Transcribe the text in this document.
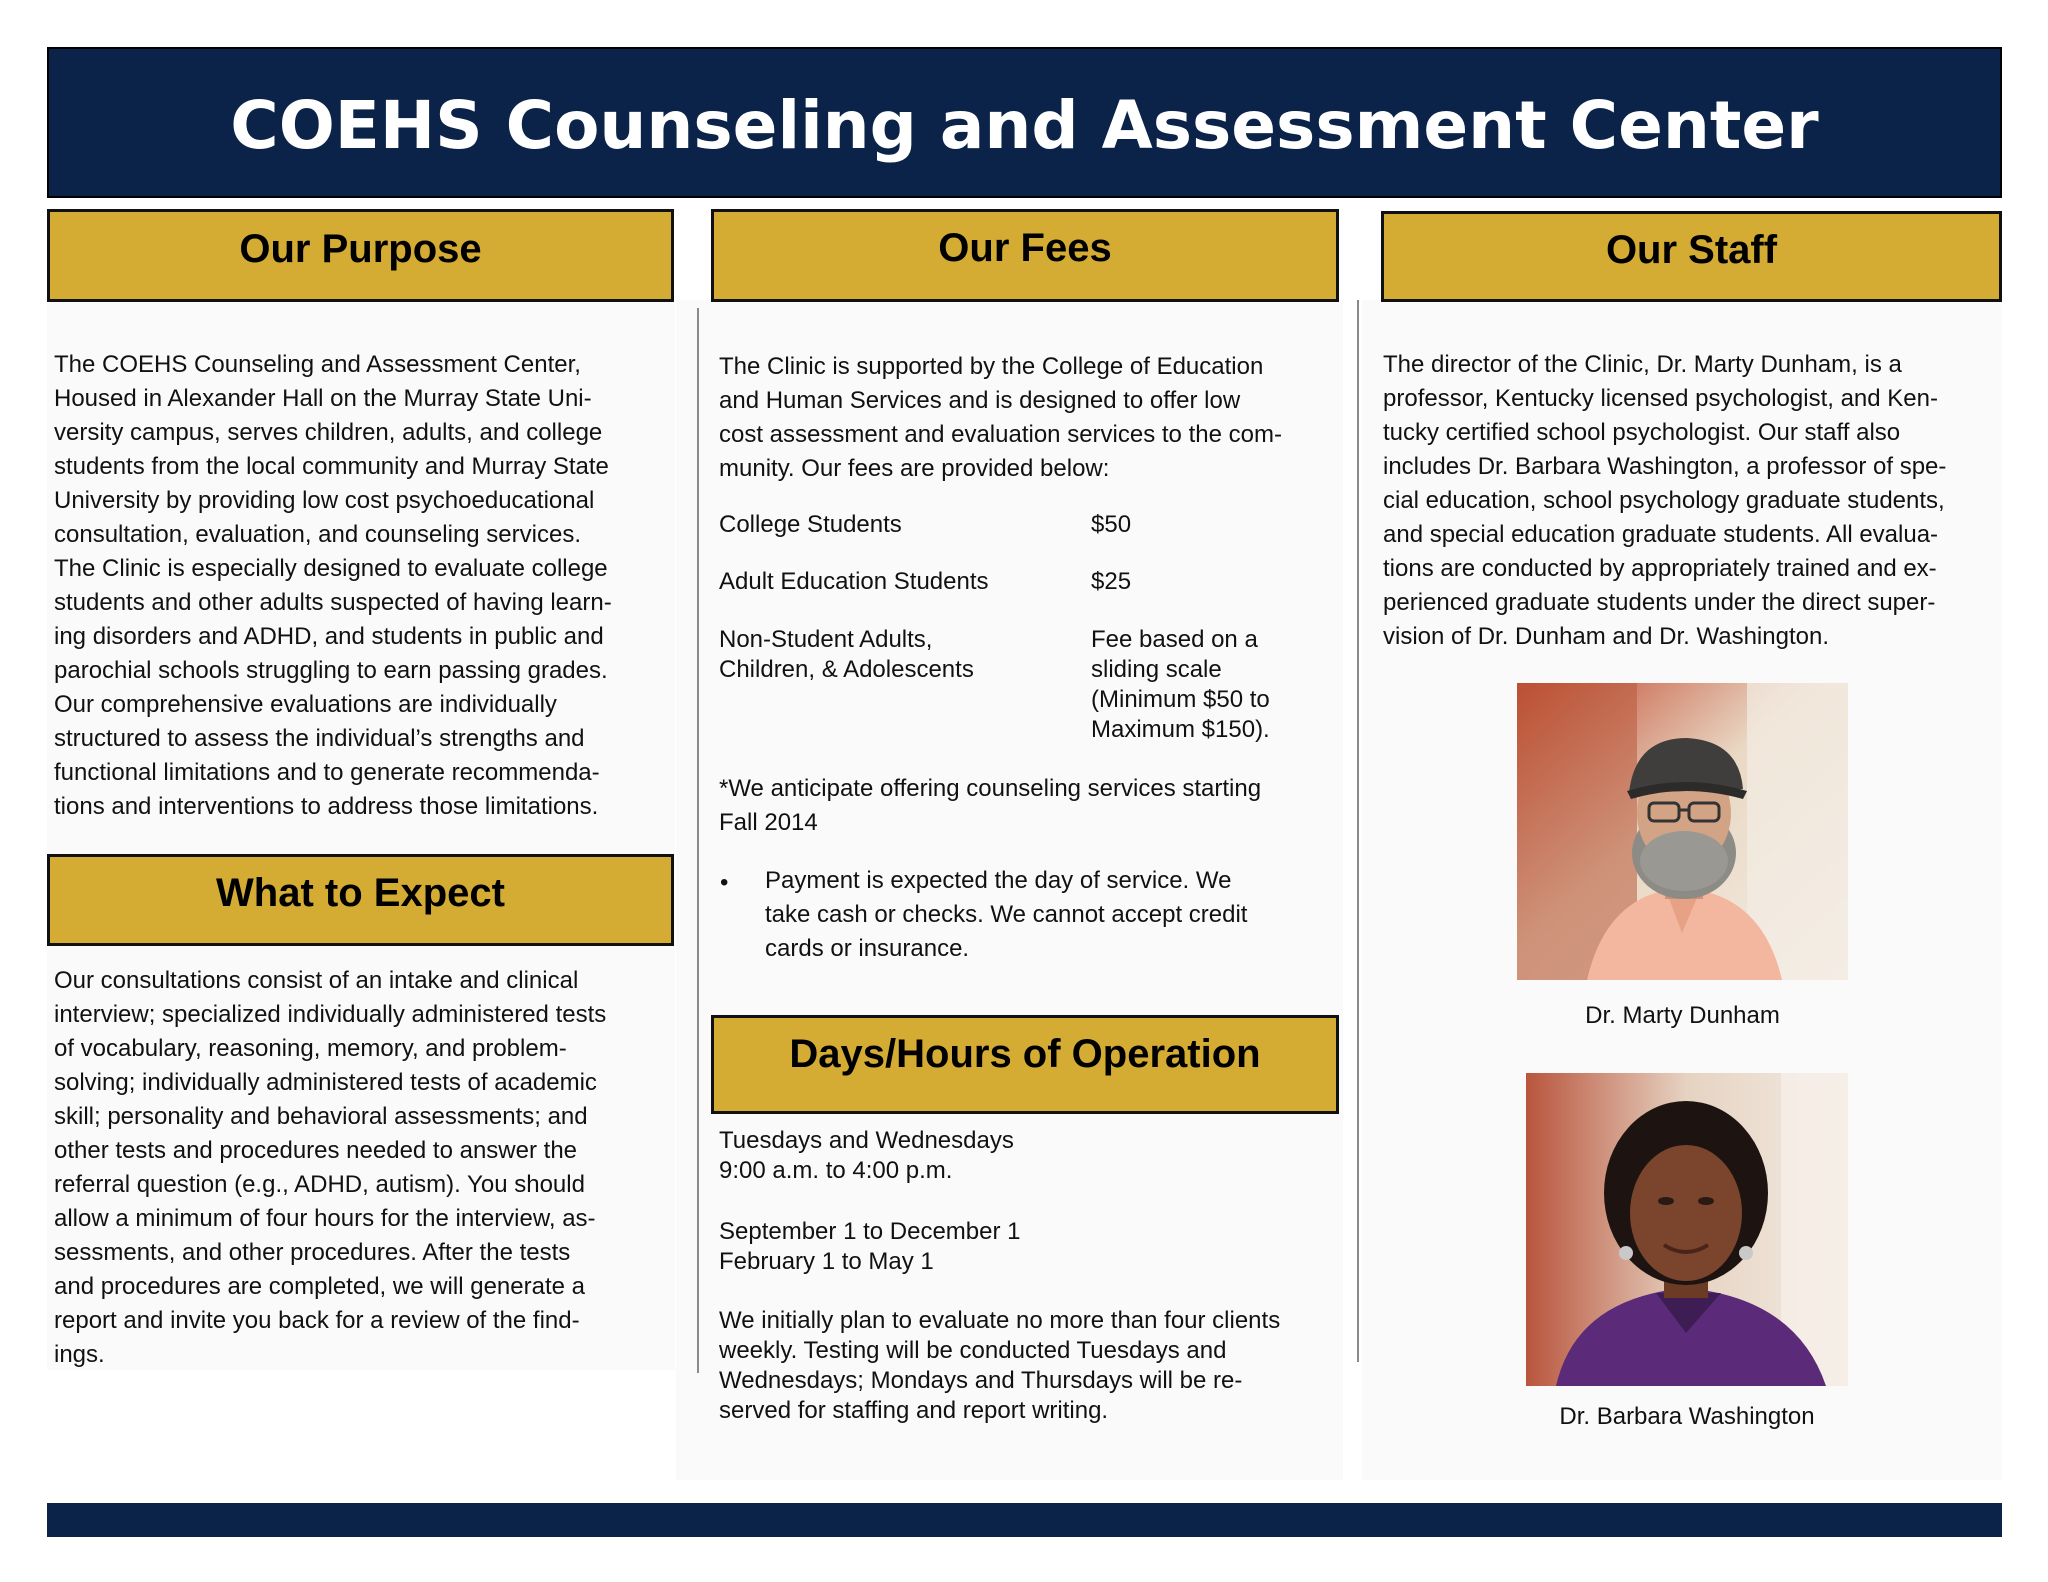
COEHS Counseling and Assessment Center
Our Purpose
The COEHS Counseling and Assessment Center,
Housed in Alexander Hall on the Murray State Uni-
versity campus, serves children, adults, and college
students from the local community and Murray State
University by providing low cost psychoeducational
consultation, evaluation, and counseling services.
The Clinic is especially designed to evaluate college
students and other adults suspected of having learn-
ing disorders and ADHD, and students in public and
parochial schools struggling to earn passing grades.
Our comprehensive evaluations are individually
structured to assess the individual’s strengths and
functional limitations and to generate recommenda-
tions and interventions to address those limitations.
What to Expect
Our consultations consist of an intake and clinical
interview; specialized individually administered tests
of vocabulary, reasoning, memory, and problem-
solving; individually administered tests of academic
skill; personality and behavioral assessments; and
other tests and procedures needed to answer the
referral question (e.g., ADHD, autism). You should
allow a minimum of four hours for the interview, as-
sessments, and other procedures. After the tests
and procedures are completed, we will generate a
report and invite you back for a review of the find-
ings.
Our Fees
The Clinic is supported by the College of Education
and Human Services and is designed to offer low
cost assessment and evaluation services to the com-
munity. Our fees are provided below:
College Students	$50
Adult Education Students	$25
Non-Student Adults,
Children, & Adolescents
Fee based on a
sliding scale
(Minimum $50 to
Maximum $150).
*We anticipate offering counseling services starting
Fall 2014
• Payment is expected the day of service. We
take cash or checks. We cannot accept credit
cards or insurance.
Days/Hours of Operation
Tuesdays and Wednesdays
9:00 a.m. to 4:00 p.m.
September 1 to December 1
February 1 to May 1
We initially plan to evaluate no more than four clients
weekly. Testing will be conducted Tuesdays and
Wednesdays; Mondays and Thursdays will be re-
served for staffing and report writing.
Our Staff
The director of the Clinic, Dr. Marty Dunham, is a
professor, Kentucky licensed psychologist, and Ken-
tucky certified school psychologist. Our staff also
includes Dr. Barbara Washington, a professor of spe-
cial education, school psychology graduate students,
and special education graduate students. All evalua-
tions are conducted by appropriately trained and ex-
perienced graduate students under the direct super-
vision of Dr. Dunham and Dr. Washington.
Dr. Marty Dunham
Dr. Barbara Washington
